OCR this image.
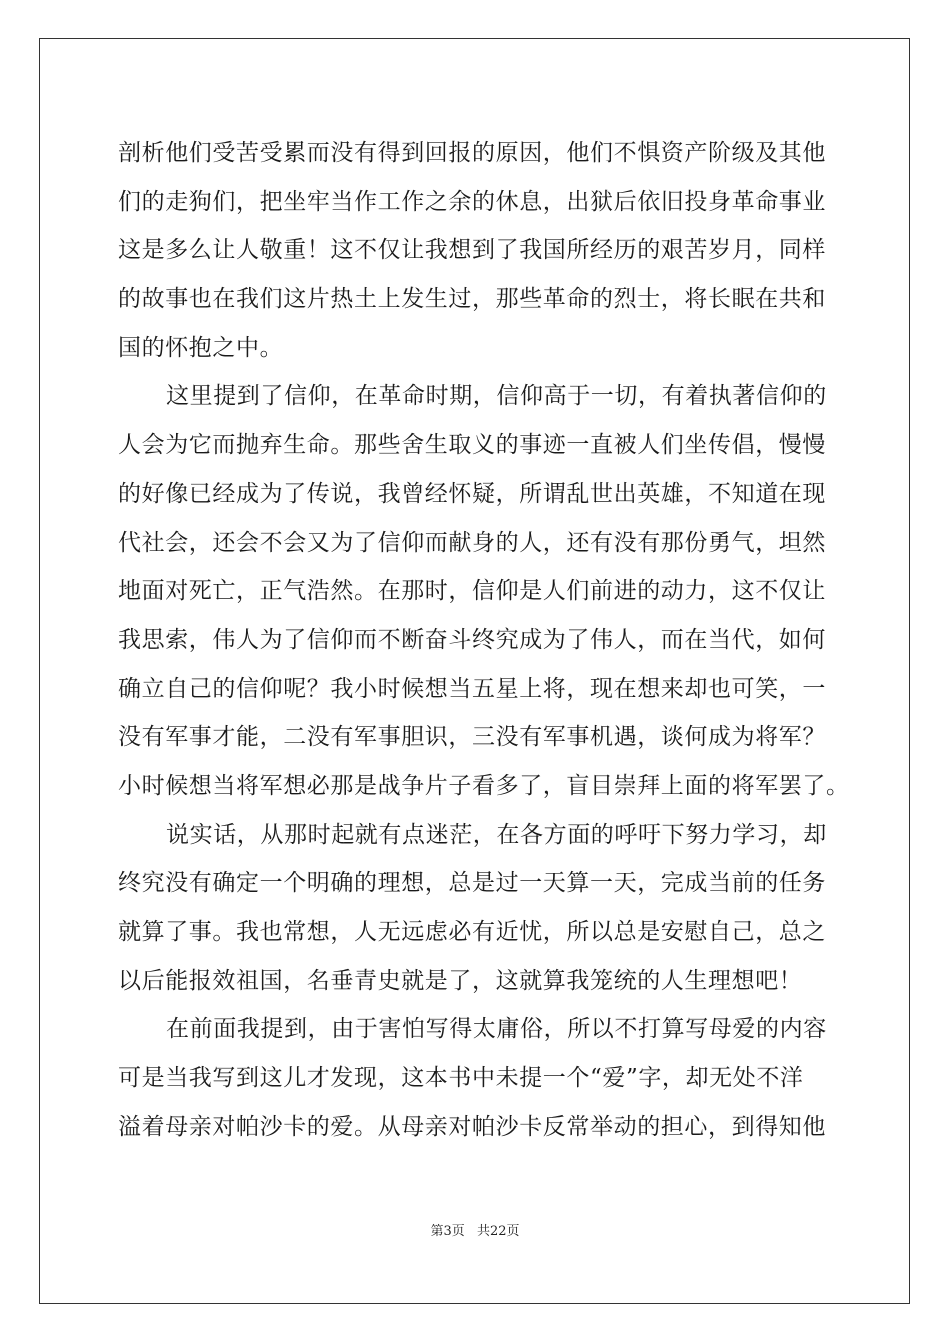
剖析他们受苦受累而没有得到回报的原因，他们不惧资产阶级及其他
们的走狗们，把坐牢当作工作之余的休息，出狱后依旧投身革命事业
这是多么让人敬重！这不仅让我想到了我国所经历的艰苦岁月，同样
的故事也在我们这片热土上发生过，那些革命的烈士，将长眠在共和
国的怀抱之中。
这里提到了信仰，在革命时期，信仰高于一切，有着执著信仰的
人会为它而抛弃生命。那些舍生取义的事迹一直被人们坐传倡，慢慢
的好像已经成为了传说，我曾经怀疑，所谓乱世出英雄，不知道在现
代社会，还会不会又为了信仰而献身的人，还有没有那份勇气，坦然
地面对死亡，正气浩然。在那时，信仰是人们前进的动力，这不仅让
我思索，伟人为了信仰而不断奋斗终究成为了伟人，而在当代，如何
确立自己的信仰呢？我小时候想当五星上将，现在想来却也可笑，一
没有军事才能，二没有军事胆识，三没有军事机遇，谈何成为将军？
小时候想当将军想必那是战争片子看多了，盲目崇拜上面的将军罢了。
说实话，从那时起就有点迷茫，在各方面的呼吁下努力学习，却
终究没有确定一个明确的理想，总是过一天算一天，完成当前的任务
就算了事。我也常想，人无远虑必有近忧，所以总是安慰自己，总之
以后能报效祖国，名垂青史就是了，这就算我笼统的人生理想吧！
在前面我提到，由于害怕写得太庸俗，所以不打算写母爱的内容
可是当我写到这儿才发现，这本书中未提一个“爱”字，却无处不洋
溢着母亲对帕沙卡的爱。从母亲对帕沙卡反常举动的担心，到得知他
第3页 共22页
